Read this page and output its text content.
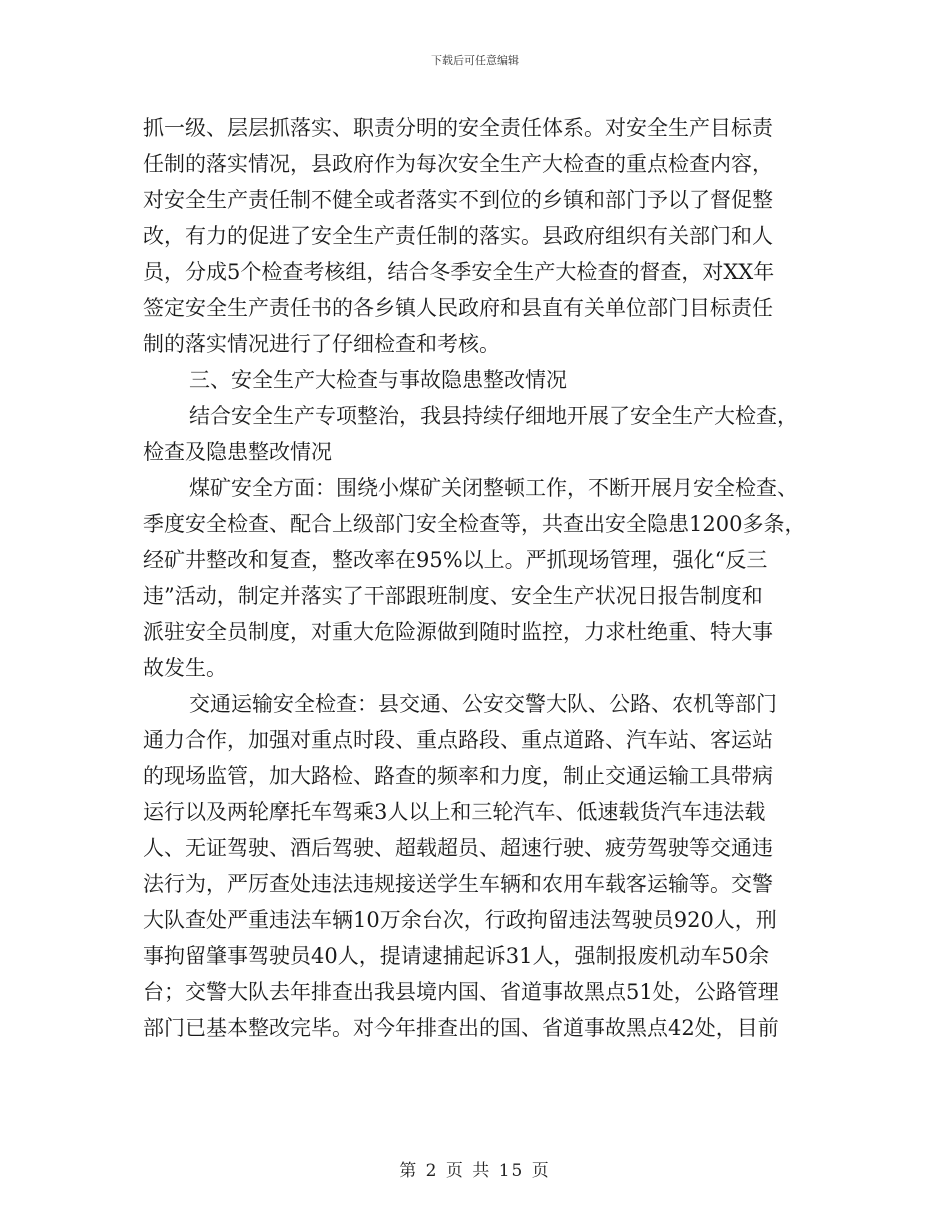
下载后可任意编辑
抓一级、层层抓落实、职责分明的安全责任体系。对安全生产目标责
任制的落实情况，县政府作为每次安全生产大检查的重点检查内容，
对安全生产责任制不健全或者落实不到位的乡镇和部门予以了督促整
改，有力的促进了安全生产责任制的落实。县政府组织有关部门和人
员，分成5个检查考核组，结合冬季安全生产大检查的督查，对XX年
签定安全生产责任书的各乡镇人民政府和县直有关单位部门目标责任
制的落实情况进行了仔细检查和考核。
三、安全生产大检查与事故隐患整改情况
结合安全生产专项整治，我县持续仔细地开展了安全生产大检查，
检查及隐患整改情况
煤矿安全方面：围绕小煤矿关闭整顿工作，不断开展月安全检查、
季度安全检查、配合上级部门安全检查等，共查出安全隐患1200多条，
经矿井整改和复查，整改率在95%以上。严抓现场管理，强化“反三
违”活动，制定并落实了干部跟班制度、安全生产状况日报告制度和
派驻安全员制度，对重大危险源做到随时监控，力求杜绝重、特大事
故发生。
交通运输安全检查：县交通、公安交警大队、公路、农机等部门
通力合作，加强对重点时段、重点路段、重点道路、汽车站、客运站
的现场监管，加大路检、路查的频率和力度，制止交通运输工具带病
运行以及两轮摩托车驾乘3人以上和三轮汽车、低速载货汽车违法载
人、无证驾驶、酒后驾驶、超载超员、超速行驶、疲劳驾驶等交通违
法行为，严厉查处违法违规接送学生车辆和农用车载客运输等。交警
大队查处严重违法车辆10万余台次，行政拘留违法驾驶员920人，刑
事拘留肇事驾驶员40人，提请逮捕起诉31人，强制报废机动车50余
台；交警大队去年排查出我县境内国、省道事故黑点51处，公路管理
部门已基本整改完毕。对今年排查出的国、省道事故黑点42处，目前
第 2 页 共 15 页
